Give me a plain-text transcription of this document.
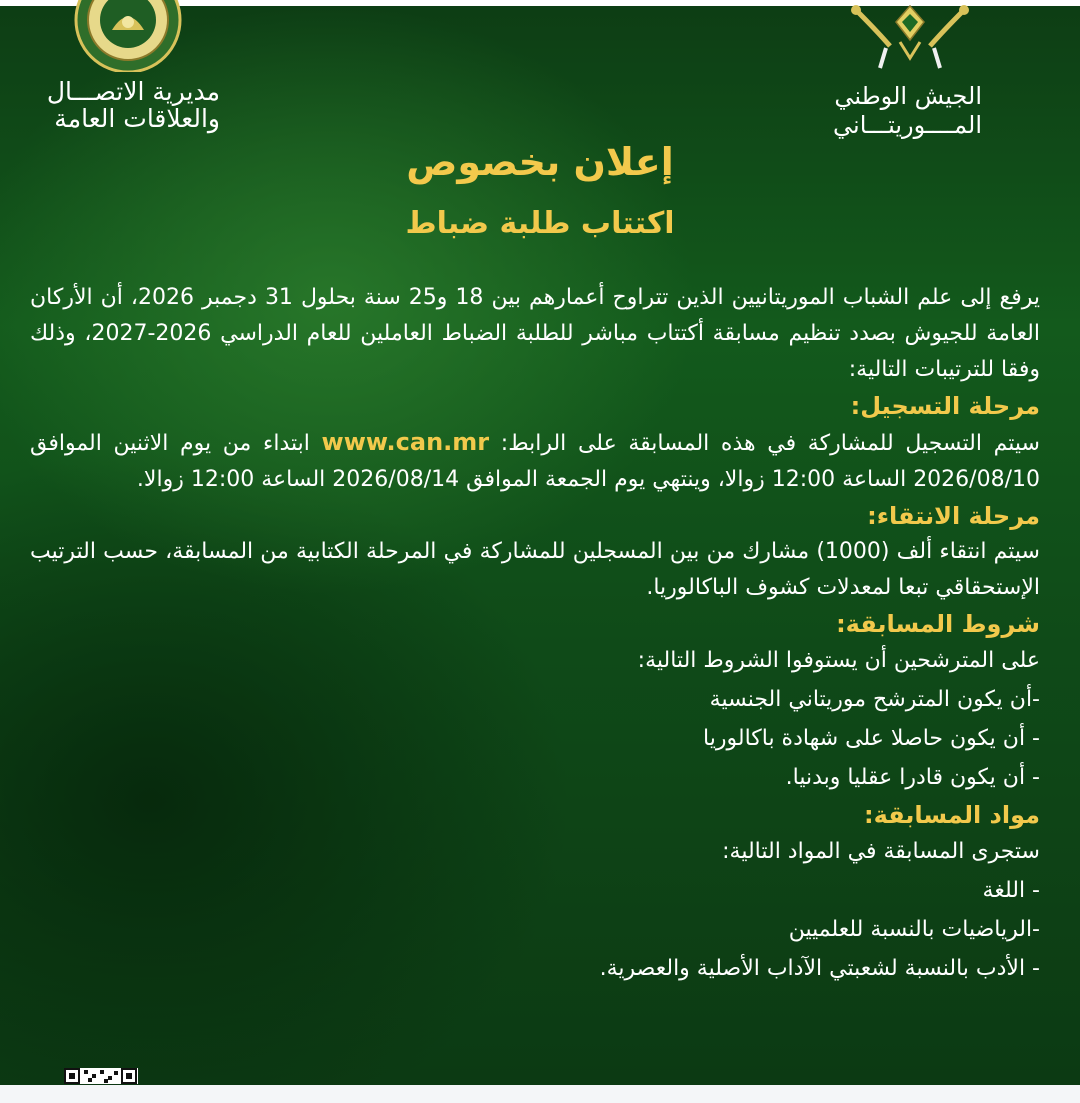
مديرية الاتصـــال
والعلاقات العامة
الجيش الوطني
المــــوريتـــاني
إعلان بخصوص
اكتتاب طلبة ضباط

يرفع إلى علم الشباب الموريتانيين الذين تتراوح أعمارهم بين 18 و25 سنة بحلول 31 دجمبر 2026، أن الأركان العامة للجيوش بصدد تنظيم مسابقة أكتتاب مباشر للطلبة الضباط العاملين للعام الدراسي 2026-2027، وذلك وفقا للترتيبات التالية:

مرحلة التسجيل:

سيتم التسجيل للمشاركة في هذه المسابقة على الرابط: www.can.mr ابتداء من يوم الاثنين الموافق 2026/08/10 الساعة 12:00 زوالا، وينتهي يوم الجمعة الموافق 2026/08/14 الساعة 12:00 زوالا.

مرحلة الانتقاء:

سيتم انتقاء ألف (1000) مشارك من بين المسجلين للمشاركة في المرحلة الكتابية من المسابقة، حسب الترتيب الإستحقاقي تبعا لمعدلات كشوف الباكالوريا.

شروط المسابقة:

على المترشحين أن يستوفوا الشروط التالية:

-أن يكون المترشح موريتاني الجنسية

- أن يكون حاصلا على شهادة باكالوريا

- أن يكون قادرا عقليا وبدنيا.

مواد المسابقة:

ستجرى المسابقة في المواد التالية:

- اللغة

-الرياضيات بالنسبة للعلميين

- الأدب بالنسبة لشعبتي الآداب الأصلية والعصرية.
